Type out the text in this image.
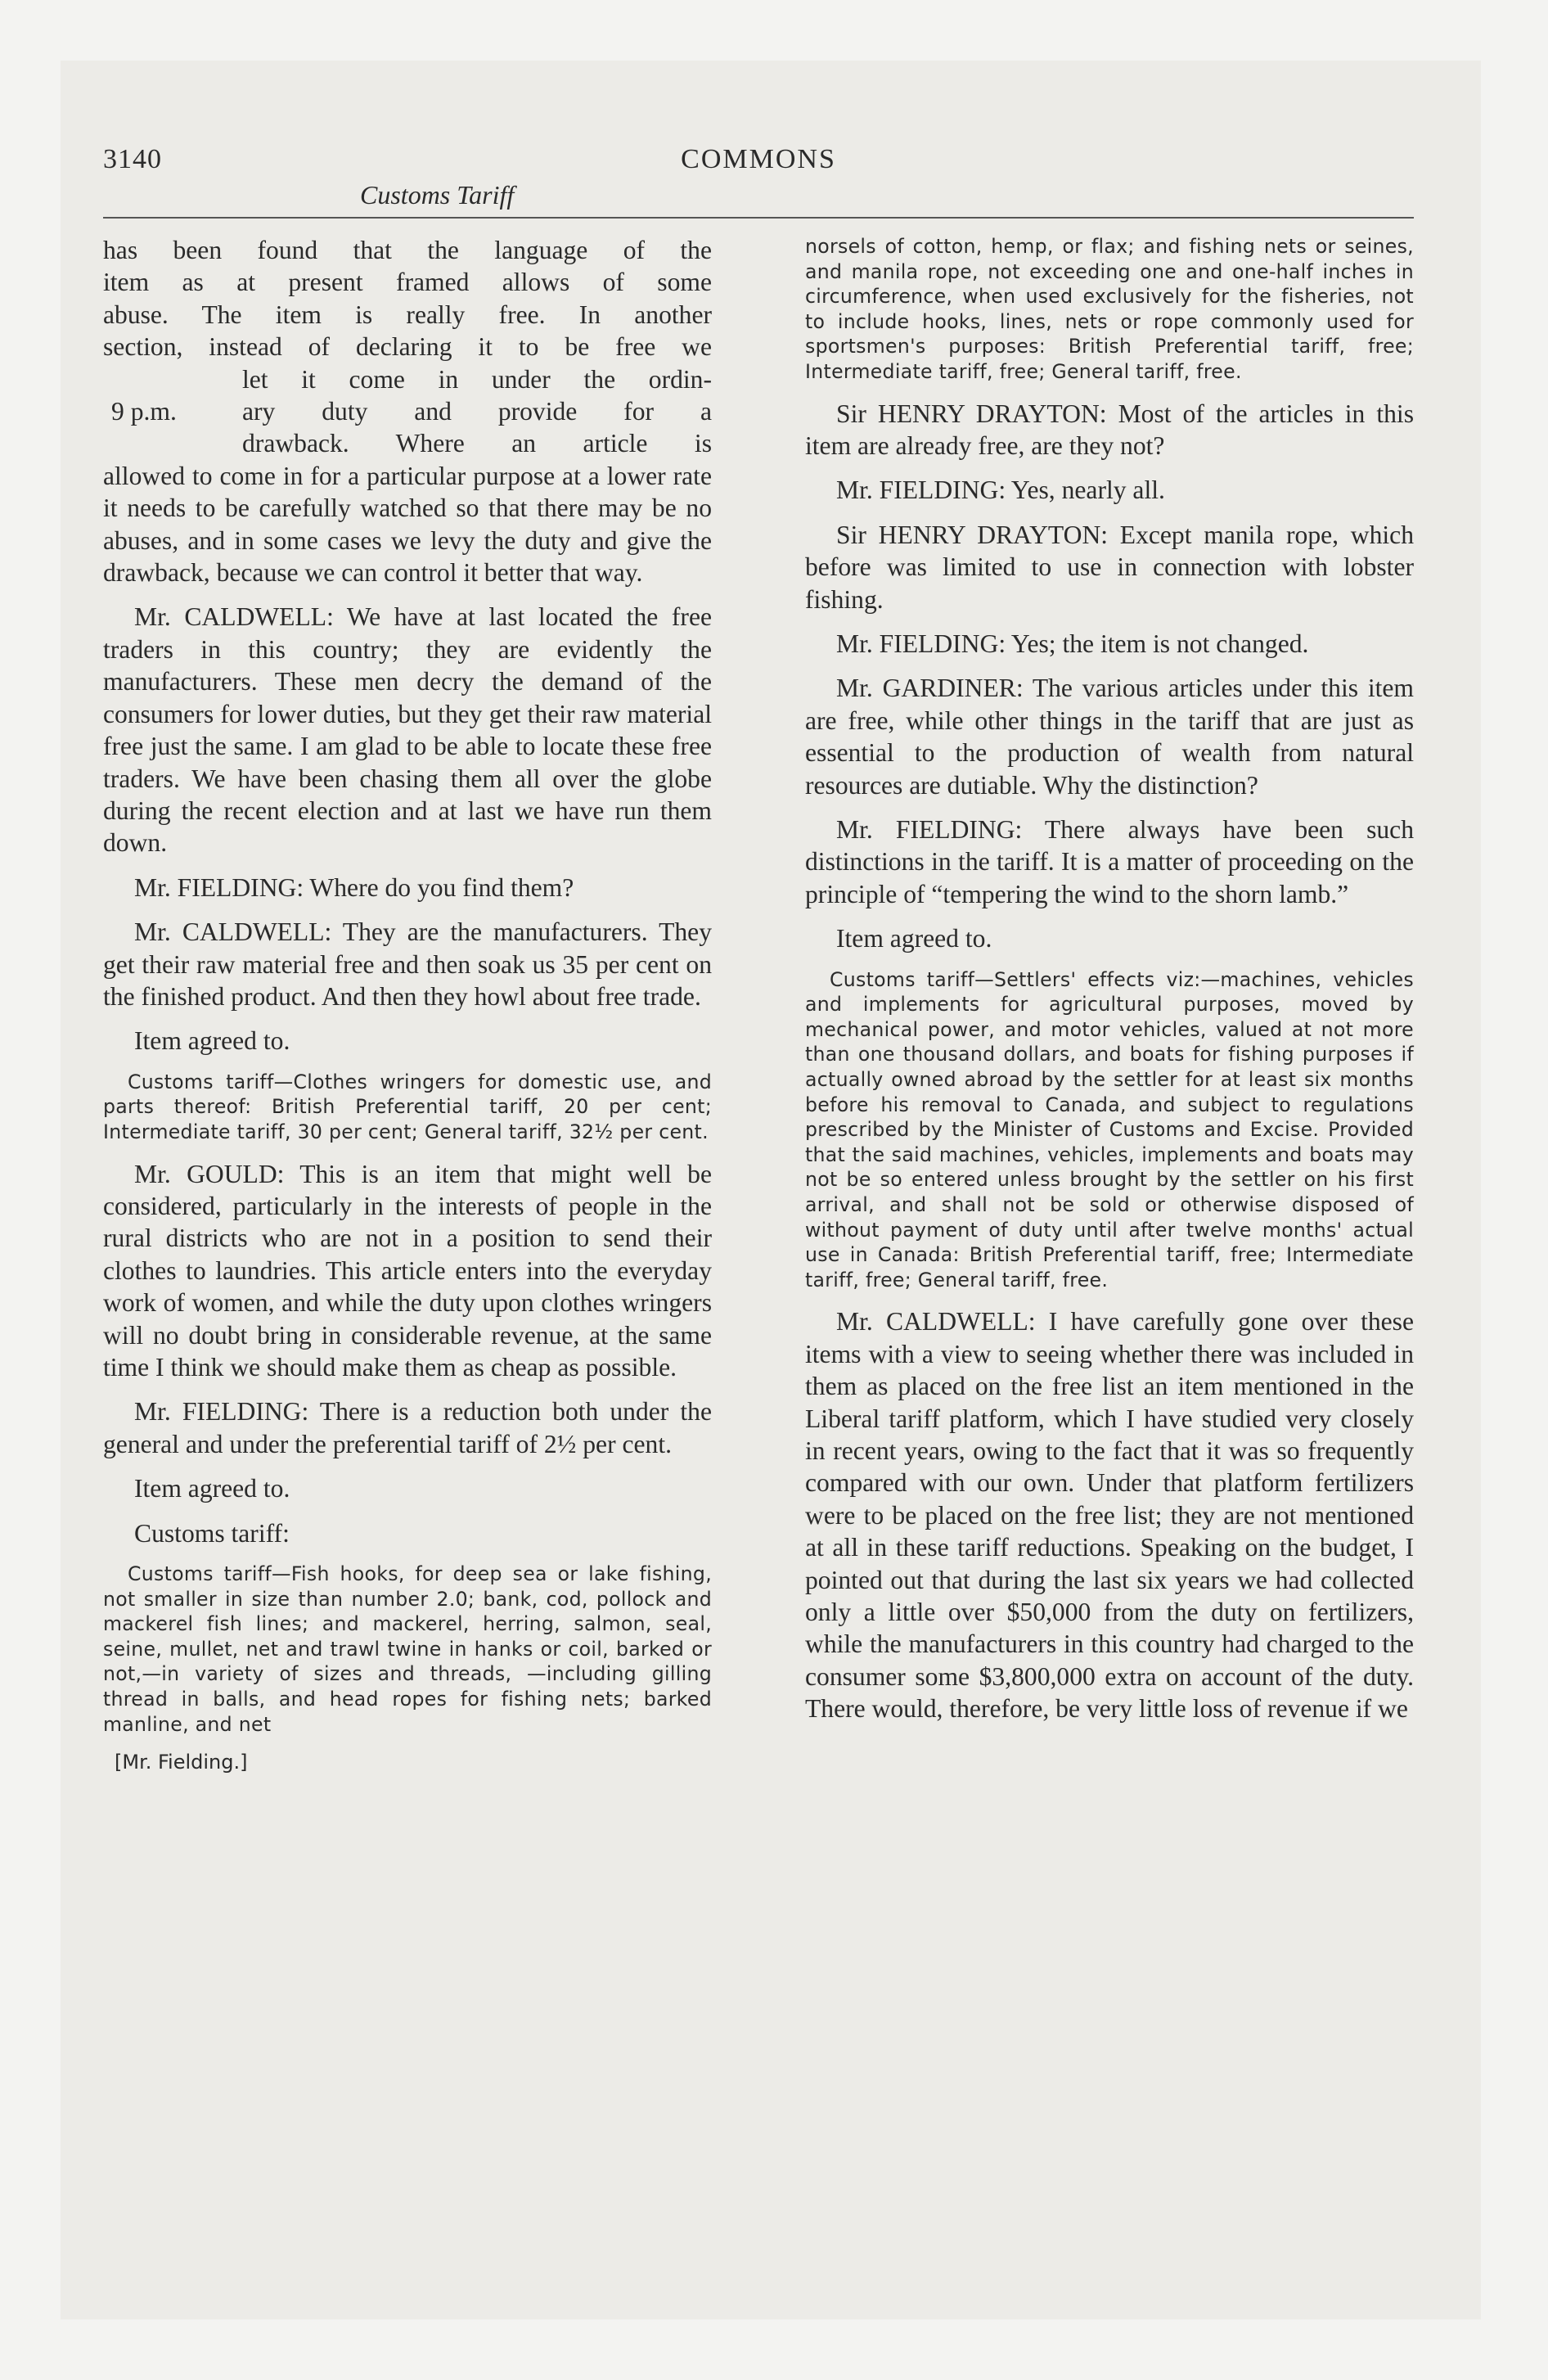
3140	COMMONS
Customs Tariff

has been found that the language of the

item as at present framed allows of some

abuse. The item is really free. In another

section, instead of declaring it to be free we

9 p.m.

let it come in under the ordin-

ary duty and provide for a

drawback. Where an article is

allowed to come in for a particular purpose at a lower rate it needs to be carefully watched so that there may be no abuses, and in some cases we levy the duty and give the drawback, because we can control it better that way.

Mr. CALDWELL: We have at last located the free traders in this country; they are evidently the manufacturers. These men decry the demand of the consumers for lower duties, but they get their raw material free just the same. I am glad to be able to locate these free traders. We have been chasing them all over the globe during the recent election and at last we have run them down.

Mr. FIELDING: Where do you find them?

Mr. CALDWELL: They are the manufacturers. They get their raw material free and then soak us 35 per cent on the finished product. And then they howl about free trade.

Item agreed to.

Customs tariff—Clothes wringers for domestic use, and parts thereof: British Preferential tariff, 20 per cent; Intermediate tariff, 30 per cent; General tariff, 32½ per cent.

Mr. GOULD: This is an item that might well be considered, particularly in the interests of people in the rural districts who are not in a position to send their clothes to laundries. This article enters into the everyday work of women, and while the duty upon clothes wringers will no doubt bring in considerable revenue, at the same time I think we should make them as cheap as possible.

Mr. FIELDING: There is a reduction both under the general and under the preferential tariff of 2½ per cent.

Item agreed to.

Customs tariff:

Customs tariff—Fish hooks, for deep sea or lake fishing, not smaller in size than number 2.0; bank, cod, pollock and mackerel fish lines; and mackerel, herring, salmon, seal, seine, mullet, net and trawl twine in hanks or coil, barked or not,—in variety of sizes and threads, —including gilling thread in balls, and head ropes for fishing nets; barked manline, and net

[Mr. Fielding.]

norsels of cotton, hemp, or flax; and fishing nets or seines, and manila rope, not exceeding one and one-half inches in circumference, when used exclusively for the fisheries, not to include hooks, lines, nets or rope commonly used for sportsmen's purposes: British Preferential tariff, free; Intermediate tariff, free; General tariff, free.

Sir HENRY DRAYTON: Most of the articles in this item are already free, are they not?

Mr. FIELDING: Yes, nearly all.

Sir HENRY DRAYTON: Except manila rope, which before was limited to use in connection with lobster fishing.

Mr. FIELDING: Yes; the item is not changed.

Mr. GARDINER: The various articles under this item are free, while other things in the tariff that are just as essential to the production of wealth from natural resources are dutiable. Why the distinction?

Mr. FIELDING: There always have been such distinctions in the tariff. It is a matter of proceeding on the principle of “tempering the wind to the shorn lamb.”

Item agreed to.

Customs tariff—Settlers' effects viz:—machines, vehicles and implements for agricultural purposes, moved by mechanical power, and motor vehicles, valued at not more than one thousand dollars, and boats for fishing purposes if actually owned abroad by the settler for at least six months before his removal to Canada, and subject to regulations prescribed by the Minister of Customs and Excise. Provided that the said machines, vehicles, implements and boats may not be so entered unless brought by the settler on his first arrival, and shall not be sold or otherwise disposed of without payment of duty until after twelve months' actual use in Canada: British Preferential tariff, free; Intermediate tariff, free; General tariff, free.

Mr. CALDWELL: I have carefully gone over these items with a view to seeing whether there was included in them as placed on the free list an item mentioned in the Liberal tariff platform, which I have studied very closely in recent years, owing to the fact that it was so frequently compared with our own. Under that platform fertilizers were to be placed on the free list; they are not mentioned at all in these tariff reductions. Speaking on the budget, I pointed out that during the last six years we had collected only a little over $50,000 from the duty on fertilizers, while the manufacturers in this country had charged to the consumer some $3,800,000 extra on account of the duty. There would, therefore, be very little loss of revenue if we
